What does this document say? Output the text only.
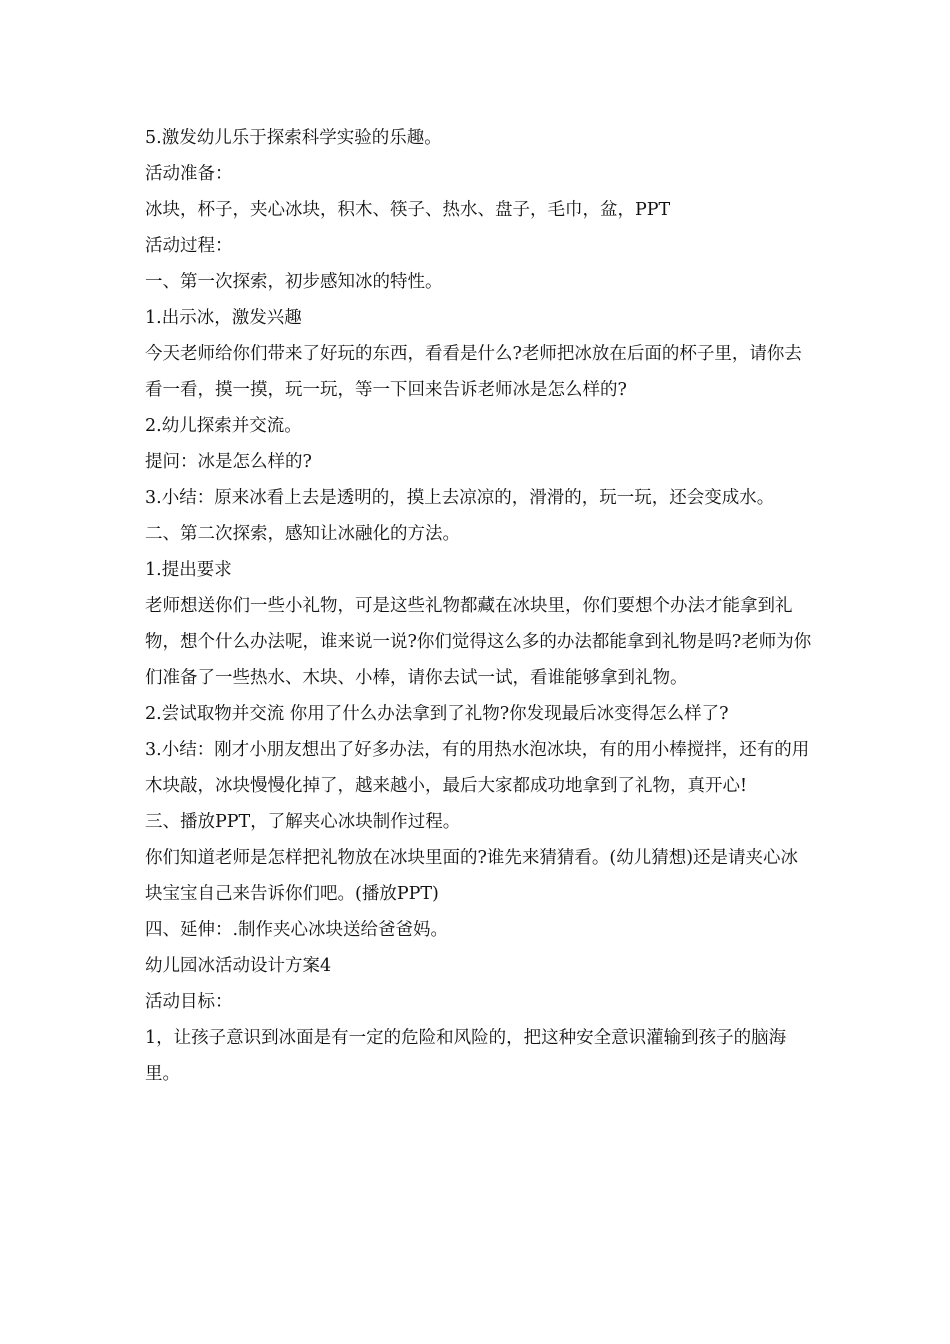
5.激发幼儿乐于探索科学实验的乐趣。

活动准备：

冰块，杯子，夹心冰块，积木、筷子、热水、盘子，毛巾，盆，PPT

活动过程：

一、第一次探索，初步感知冰的特性。

1.出示冰，激发兴趣

今天老师给你们带来了好玩的东西，看看是什么?老师把冰放在后面的杯子里，请你去看一看，摸一摸，玩一玩，等一下回来告诉老师冰是怎么样的?

2.幼儿探索并交流。

提问：冰是怎么样的?

3.小结：原来冰看上去是透明的，摸上去凉凉的，滑滑的，玩一玩，还会变成水。

二、第二次探索，感知让冰融化的方法。

1.提出要求

老师想送你们一些小礼物，可是这些礼物都藏在冰块里，你们要想个办法才能拿到礼物，想个什么办法呢，谁来说一说?你们觉得这么多的办法都能拿到礼物是吗?老师为你们准备了一些热水、木块、小棒，请你去试一试，看谁能够拿到礼物。

2.尝试取物并交流 你用了什么办法拿到了礼物?你发现最后冰变得怎么样了?

3.小结：刚才小朋友想出了好多办法，有的用热水泡冰块，有的用小棒搅拌，还有的用木块敲，冰块慢慢化掉了，越来越小，最后大家都成功地拿到了礼物，真开心!

三、播放PPT，了解夹心冰块制作过程。

你们知道老师是怎样把礼物放在冰块里面的?谁先来猜猜看。(幼儿猜想)还是请夹心冰块宝宝自己来告诉你们吧。(播放PPT)

四、延伸：.制作夹心冰块送给爸爸妈。

幼儿园冰活动设计方案4

活动目标：

1，让孩子意识到冰面是有一定的危险和风险的，把这种安全意识灌输到孩子的脑海里。
